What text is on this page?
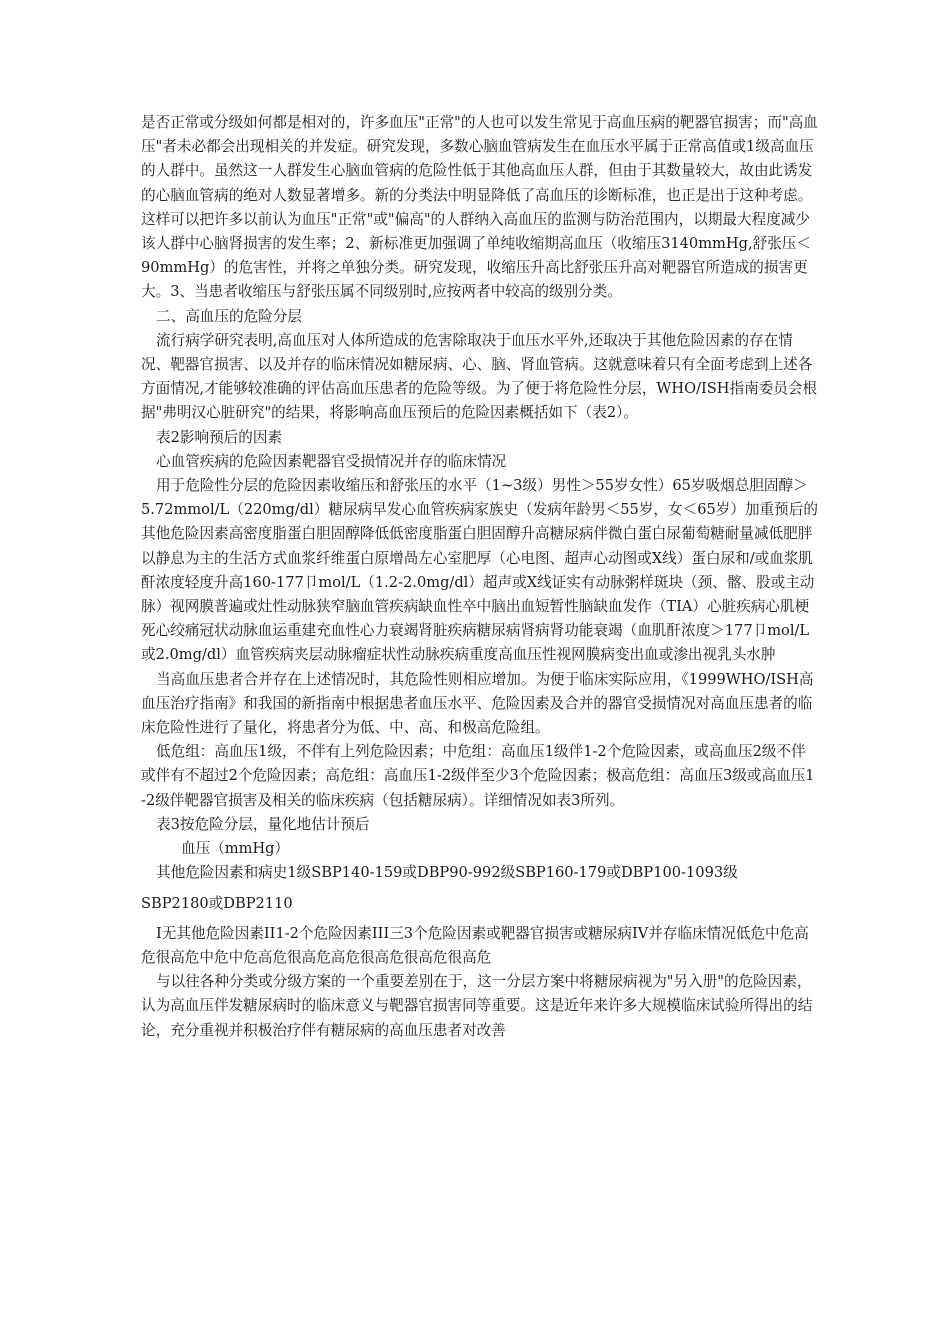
是否正常或分级如何都是相对的，许多血压"正常"的人也可以发生常见于高血压病的靶器官损害；而"高血压"者未必都会出现相关的并发症。研究发现，多数心脑血管病发生在血压水平属于正常高值或1级高血压的人群中。虽然这一人群发生心脑血管病的危险性低于其他高血压人群，但由于其数量较大，故由此诱发的心脑血管病的绝对人数显著增多。新的分类法中明显降低了高血压的诊断标准，也正是出于这种考虑。这样可以把许多以前认为血压"正常"或"偏高"的人群纳入高血压的监测与防治范围内，以期最大程度减少该人群中心脑肾损害的发生率；2、新标准更加强调了单纯收缩期高血压（收缩压3140mmHg,舒张压＜90mmHg）的危害性，并将之单独分类。研究发现，收缩压升高比舒张压升高对靶器官所造成的损害更大。3、当患者收缩压与舒张压属不同级别时,应按两者中较高的级别分类。

二、高血压的危险分层

流行病学研究表明,高血压对人体所造成的危害除取决于血压水平外,还取决于其他危险因素的存在情况、靶器官损害、以及并存的临床情况如糖尿病、心、脑、肾血管病。这就意味着只有全面考虑到上述各方面情况,才能够较准确的评估高血压患者的危险等级。为了便于将危险性分层，WHO/ISH指南委员会根据"弗明汉心脏研究"的结果，将影响高血压预后的危险因素概括如下（表2）。

表2影响预后的因素

心血管疾病的危险因素靶器官受损情况并存的临床情况

用于危险性分层的危险因素收缩压和舒张压的水平（1~3级）男性＞55岁女性）65岁吸烟总胆固醇＞5.72mmol/L（220mg/dl）糖尿病早发心血管疾病家族史（发病年龄男＜55岁，女＜65岁）加重预后的其他危险因素高密度脂蛋白胆固醇降低低密度脂蛋白胆固醇升高糖尿病伴微白蛋白尿葡萄糖耐量减低肥胖以静息为主的生活方式血浆纤维蛋白原增咼左心室肥厚（心电图、超声心动图或X线）蛋白尿和/或血浆肌酐浓度轻度升高160-177卩mol/L（1.2-2.0mg/dl）超声或X线证实有动脉粥样斑块（颈、髂、股或主动脉）视网膜普遍或灶性动脉狭窄脑血管疾病缺血性卒中脑出血短暂性脑缺血发作（TIA）心脏疾病心肌梗死心绞痛冠状动脉血运重建充血性心力衰竭肾脏疾病糖尿病肾病肾功能衰竭（血肌酐浓度＞177卩mol/L或2.0mg/dl）血管疾病夹层动脉瘤症状性动脉疾病重度高血压性视网膜病变出血或渗出视乳头水肿

当高血压患者合并存在上述情况时，其危险性则相应增加。为便于临床实际应用，《1999WHO/ISH高血压治疗指南》和我国的新指南中根据患者血压水平、危险因素及合并的器官受损情况对高血压患者的临床危险性进行了量化，将患者分为低、中、高、和极高危险组。

低危组：高血压1级，不伴有上列危险因素；中危组：高血压1级伴1-2个危险因素，或高血压2级不伴或伴有不超过2个危险因素；高危组：高血压1-2级伴至少3个危险因素；极高危组：高血压3级或高血压1-2级伴靶器官损害及相关的临床疾病（包括糖尿病）。详细情况如表3所列。

表3按危险分层，量化地估计预后

血压（mmHg）

其他危险因素和病史1级SBP140-159或DBP90-992级SBP160-179或DBP100-1093级

SBP2180或DBP2110

I无其他危险因素II1-2个危险因素III三3个危险因素或靶器官损害或糖尿病IV并存临床情况低危中危高危很高危中危中危高危很高危高危很高危很高危很高危

与以往各种分类或分级方案的一个重要差别在于，这一分层方案中将糖尿病视为"另入册"的危险因素，认为高血压伴发糖尿病时的临床意义与靶器官损害同等重要。这是近年来许多大规模临床试验所得出的结论，充分重视并积极治疗伴有糖尿病的高血压患者对改善
